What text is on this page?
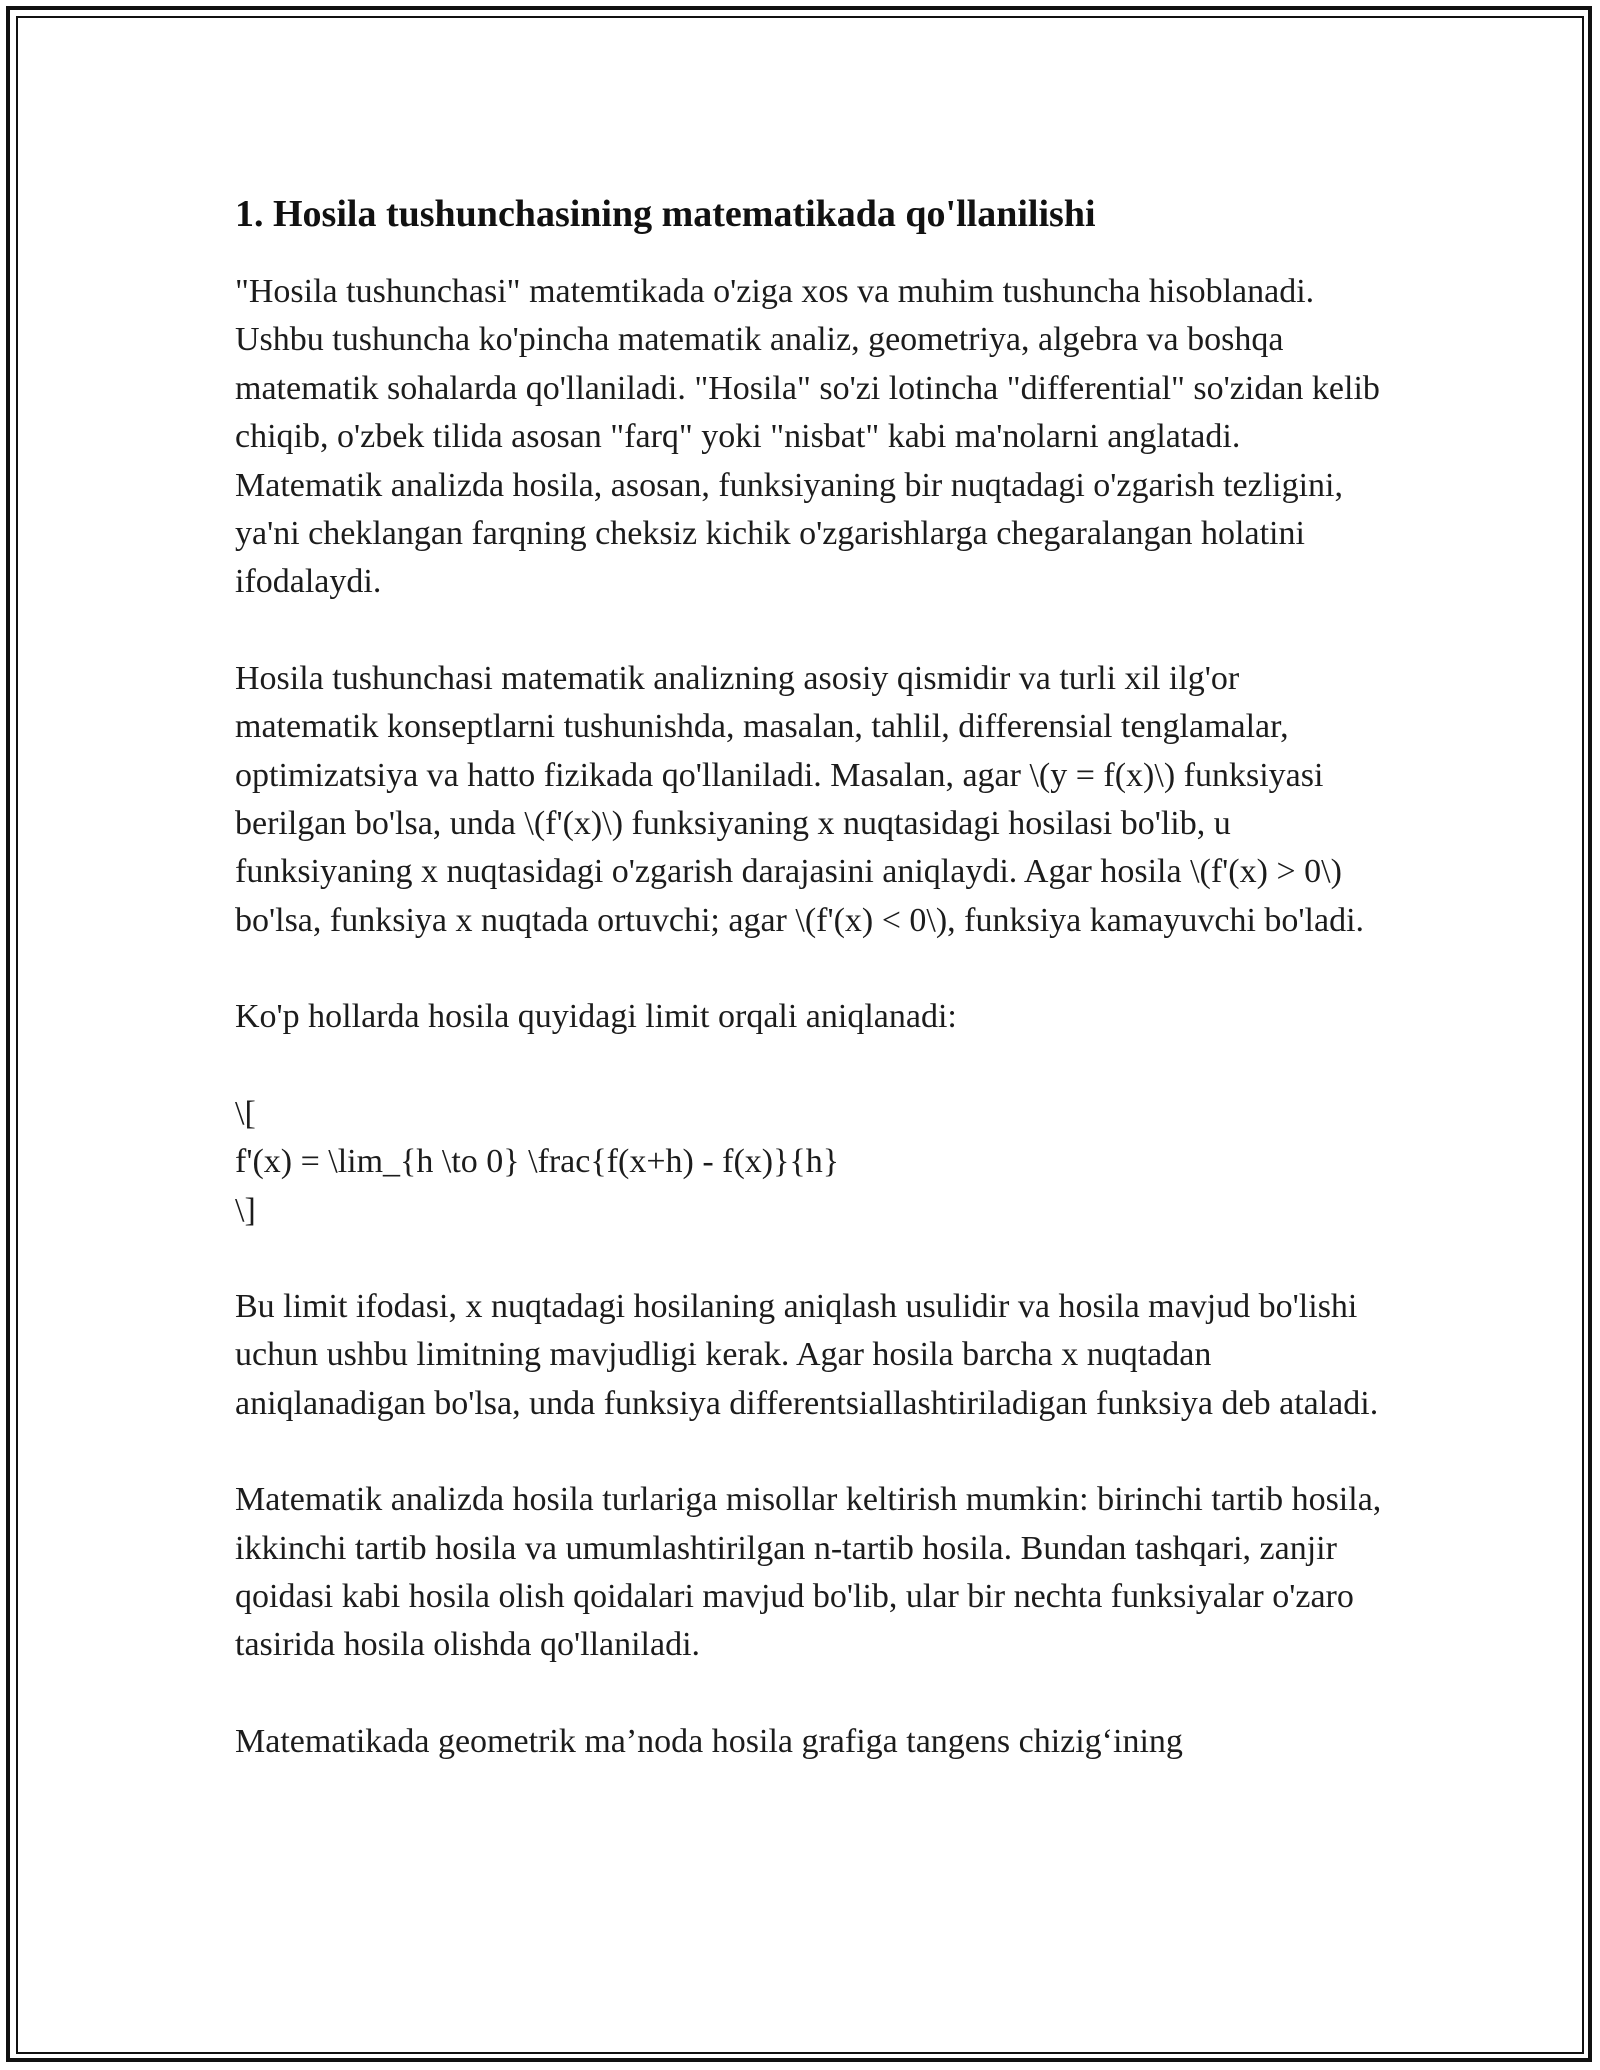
1. Hosila tushunchasining matematikada qo'llanilishi

"Hosila tushunchasi" matemtikada o'ziga xos va muhim tushuncha hisoblanadi. Ushbu tushuncha ko'pincha matematik analiz, geometriya, algebra va boshqa matematik sohalarda qo'llaniladi. "Hosila" so'zi lotincha "differential" so'zidan kelib chiqib, o'zbek tilida asosan "farq" yoki "nisbat" kabi ma'nolarni anglatadi. Matematik analizda hosila, asosan, funksiyaning bir nuqtadagi o'zgarish tezligini, ya'ni cheklangan farqning cheksiz kichik o'zgarishlarga chegaralangan holatini ifodalaydi.

Hosila tushunchasi matematik analizning asosiy qismidir va turli xil ilg'or matematik konseptlarni tushunishda, masalan, tahlil, differensial tenglamalar, optimizatsiya va hatto fizikada qo'llaniladi. Masalan, agar \(y = f(x)\) funksiyasi berilgan bo'lsa, unda \(f'(x)\) funksiyaning x nuqtasidagi hosilasi bo'lib, u funksiyaning x nuqtasidagi o'zgarish darajasini aniqlaydi. Agar hosila \(f'(x) > 0\) bo'lsa, funksiya x nuqtada ortuvchi; agar \(f'(x) < 0\), funksiya kamayuvchi bo'ladi.

Ko'p hollarda hosila quyidagi limit orqali aniqlanadi:

\[
f'(x) = \lim_{h \to 0} \frac{f(x+h) - f(x)}{h}
\]

Bu limit ifodasi, x nuqtadagi hosilaning aniqlash usulidir va hosila mavjud bo'lishi uchun ushbu limitning mavjudligi kerak. Agar hosila barcha x nuqtadan aniqlanadigan bo'lsa, unda funksiya differentsiallashtiriladigan funksiya deb ataladi.

Matematik analizda hosila turlariga misollar keltirish mumkin: birinchi tartib hosila, ikkinchi tartib hosila va umumlashtirilgan n-tartib hosila. Bundan tashqari, zanjir qoidasi kabi hosila olish qoidalari mavjud bo'lib, ular bir nechta funksiyalar o'zaro tasirida hosila olishda qo'llaniladi.

Matematikada geometrik ma’noda hosila grafiga tangens chizig‘ining
